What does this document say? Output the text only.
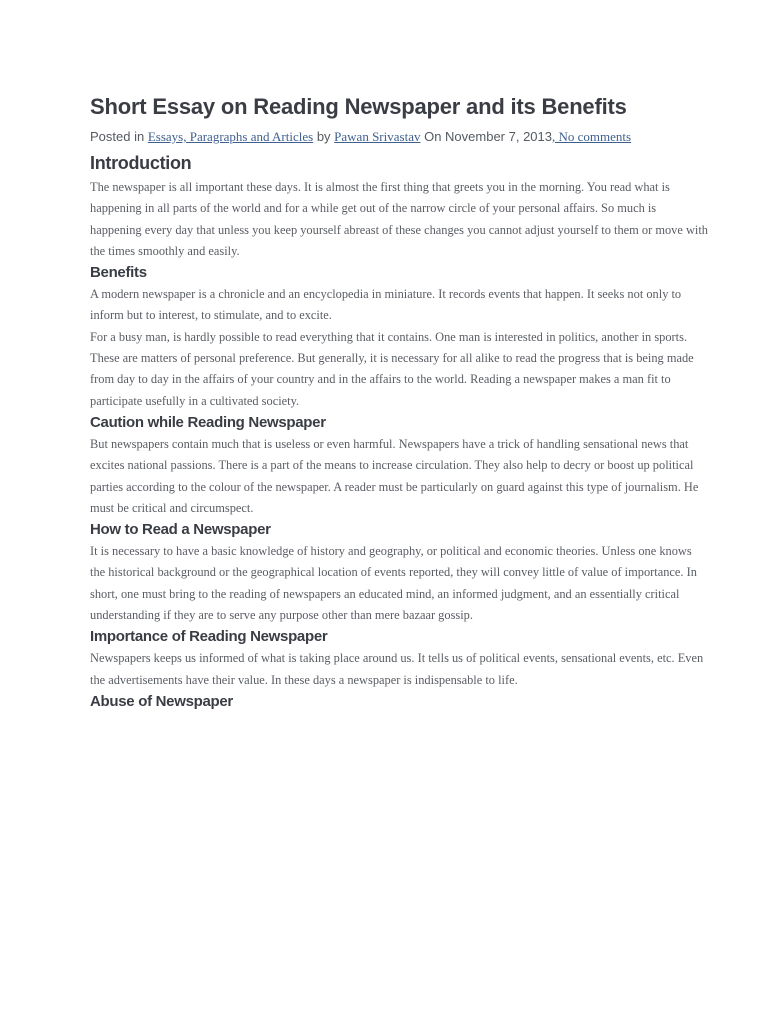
Short Essay on Reading Newspaper and its Benefits
Posted in Essays, Paragraphs and Articles by Pawan Srivastav On November 7, 2013, No comments
Introduction

The newspaper is all important these days. It is almost the first thing that greets you in the morning. You read what is happening in all parts of the world and for a while get out of the narrow circle of your personal affairs. So much is happening every day that unless you keep yourself abreast of these changes you cannot adjust yourself to them or move with the times smoothly and easily.

Benefits

A modern newspaper is a chronicle and an encyclopedia in miniature. It records events that happen. It seeks not only to inform but to interest, to stimulate, and to excite.

For a busy man, is hardly possible to read everything that it contains. One man is interested in politics, another in sports. These are matters of personal preference. But generally, it is necessary for all alike to read the progress that is being made from day to day in the affairs of your country and in the affairs to the world. Reading a newspaper makes a man fit to participate usefully in a cultivated society.

Caution while Reading Newspaper

But newspapers contain much that is useless or even harmful. Newspapers have a trick of handling sensational news that excites national passions. There is a part of the means to increase circulation. They also help to decry or boost up political parties according to the colour of the newspaper. A reader must be particularly on guard against this type of journalism. He must be critical and circumspect.

How to Read a Newspaper

It is necessary to have a basic knowledge of history and geography, or political and economic theories. Unless one knows the historical background or the geographical location of events reported, they will convey little of value of importance. In short, one must bring to the reading of newspapers an educated mind, an informed judgment, and an essentially critical understanding if they are to serve any purpose other than mere bazaar gossip.

Importance of Reading Newspaper

Newspapers keeps us informed of what is taking place around us. It tells us of political events, sensational events, etc. Even the advertisements have their value. In these days a newspaper is indispensable to life.

Abuse of Newspaper
